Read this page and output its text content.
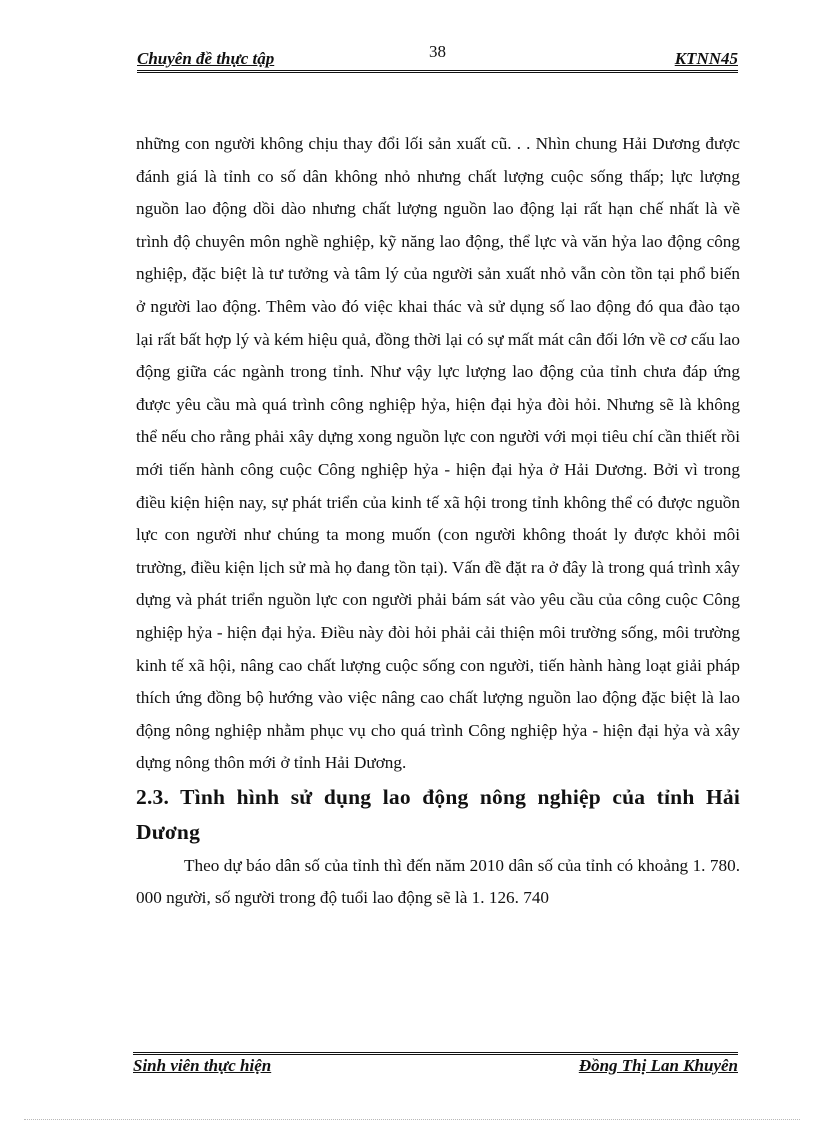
Chuyên đề thực tập	38	KTNN45

những con người không chịu thay đổi lối sản xuất cũ. . . Nhìn chung Hải Dương được đánh giá là tỉnh co số dân không nhỏ nhưng chất lượng cuộc sống thấp; lực lượng nguồn lao động dồi dào nhưng chất lượng nguồn lao động lại rất hạn chế nhất là về trình độ chuyên môn nghề nghiệp, kỹ năng lao động, thể lực và văn hỷa lao động công nghiệp, đặc biệt là tư tưởng và tâm lý của người sản xuất nhỏ vẫn còn tồn tại phổ biến ở người lao động. Thêm vào đó việc khai thác và sử dụng số lao động đó qua đào tạo lại rất bất hợp lý và kém hiệu quả, đồng thời lại có sự mất mát cân đối lớn về cơ cấu lao động giữa các ngành trong tỉnh. Như vậy lực lượng lao động của tỉnh chưa đáp ứng được yêu cầu mà quá trình công nghiệp hỷa, hiện đại hỷa đòi hỏi. Nhưng sẽ là không thể nếu cho rằng phải xây dựng xong nguồn lực con người với mọi tiêu chí cần thiết rồi mới tiến hành công cuộc Công nghiệp hỷa - hiện đại hỷa ở Hải Dương. Bởi vì trong điều kiện hiện nay, sự phát triển của kinh tế xã hội trong tỉnh không thể có được nguồn lực con người như chúng ta mong muốn (con người không thoát ly được khỏi môi trường, điều kiện lịch sử mà họ đang tồn tại). Vấn đề đặt ra ở đây là trong quá trình xây dựng và phát triển nguồn lực con người phải bám sát vào yêu cầu của công cuộc Công nghiệp hỷa - hiện đại hỷa. Điều này đòi hỏi phải cải thiện môi trường sống, môi trường kinh tế xã hội, nâng cao chất lượng cuộc sống con người, tiến hành hàng loạt giải pháp thích ứng đồng bộ hướng vào việc nâng cao chất lượng nguồn lao động đặc biệt là lao động nông nghiệp nhằm phục vụ cho quá trình Công nghiệp hỷa - hiện đại hỷa và xây dựng nông thôn mới ở tỉnh Hải Dương.

2.3. Tình hình sử dụng lao động nông nghiệp của tỉnh Hải Dương

Theo dự báo dân số của tỉnh thì đến năm 2010 dân số của tỉnh có khoảng 1. 780. 000 người, số người trong độ tuổi lao động sẽ là 1. 126. 740

Sinh viên thực hiện	Đồng Thị Lan Khuyên
